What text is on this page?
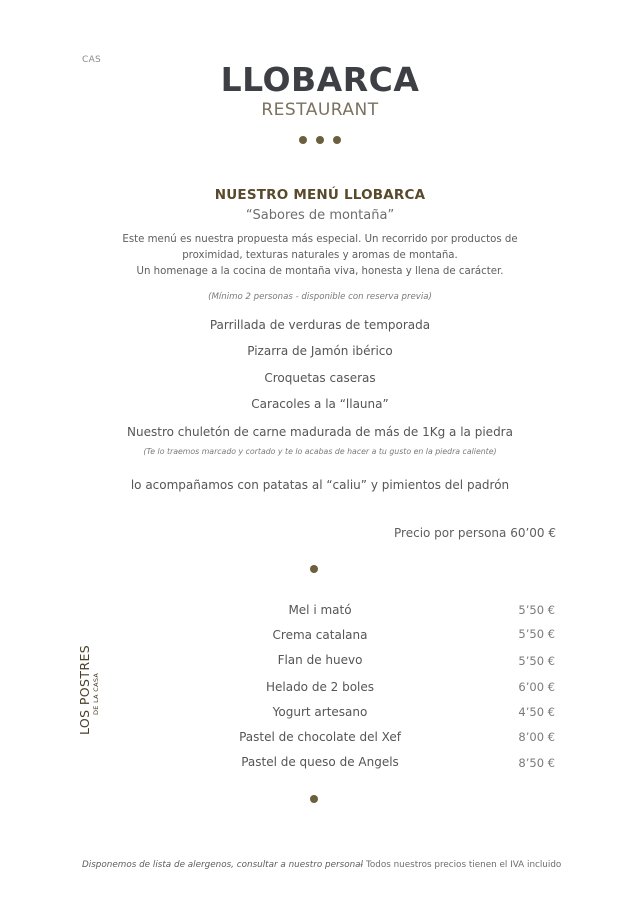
CAS	LLOBARCA
RESTAURANT
NUESTRO MENÚ LLOBARCA
“Sabores de montaña”
Este menú es nuestra propuesta más especial. Un recorrido por productos de
proximidad, texturas naturales y aromas de montaña.
Un homenage a la cocina de montaña viva, honesta y llena de carácter.
(Mínimo 2 personas - disponible con reserva previa)
Parrillada de verduras de temporada
Pizarra de Jamón ibérico
Croquetas caseras
Caracoles a la “llauna”
Nuestro chuletón de carne madurada de más de 1Kg a la piedra
(Te lo traemos marcado y cortado y te lo acabas de hacer a tu gusto en la piedra caliente)
lo acompañamos con patatas al “caliu” y pimientos del padrón
Precio por persona 60’00 €
LOS POSTRES DE LA CASA
Mel i mató	5’50 €
Crema catalana	5’50 €
Flan de huevo	5’50 €
Helado de 2 boles	6’00 €
Yogurt artesano	4’50 €
Pastel de chocolate del Xef	8’00 €
Pastel de queso de Angels	8’50 €
Disponemos de lista de alergenos, consultar a nuestro personal
- Todos nuestros precios tienen el IVA incluido
